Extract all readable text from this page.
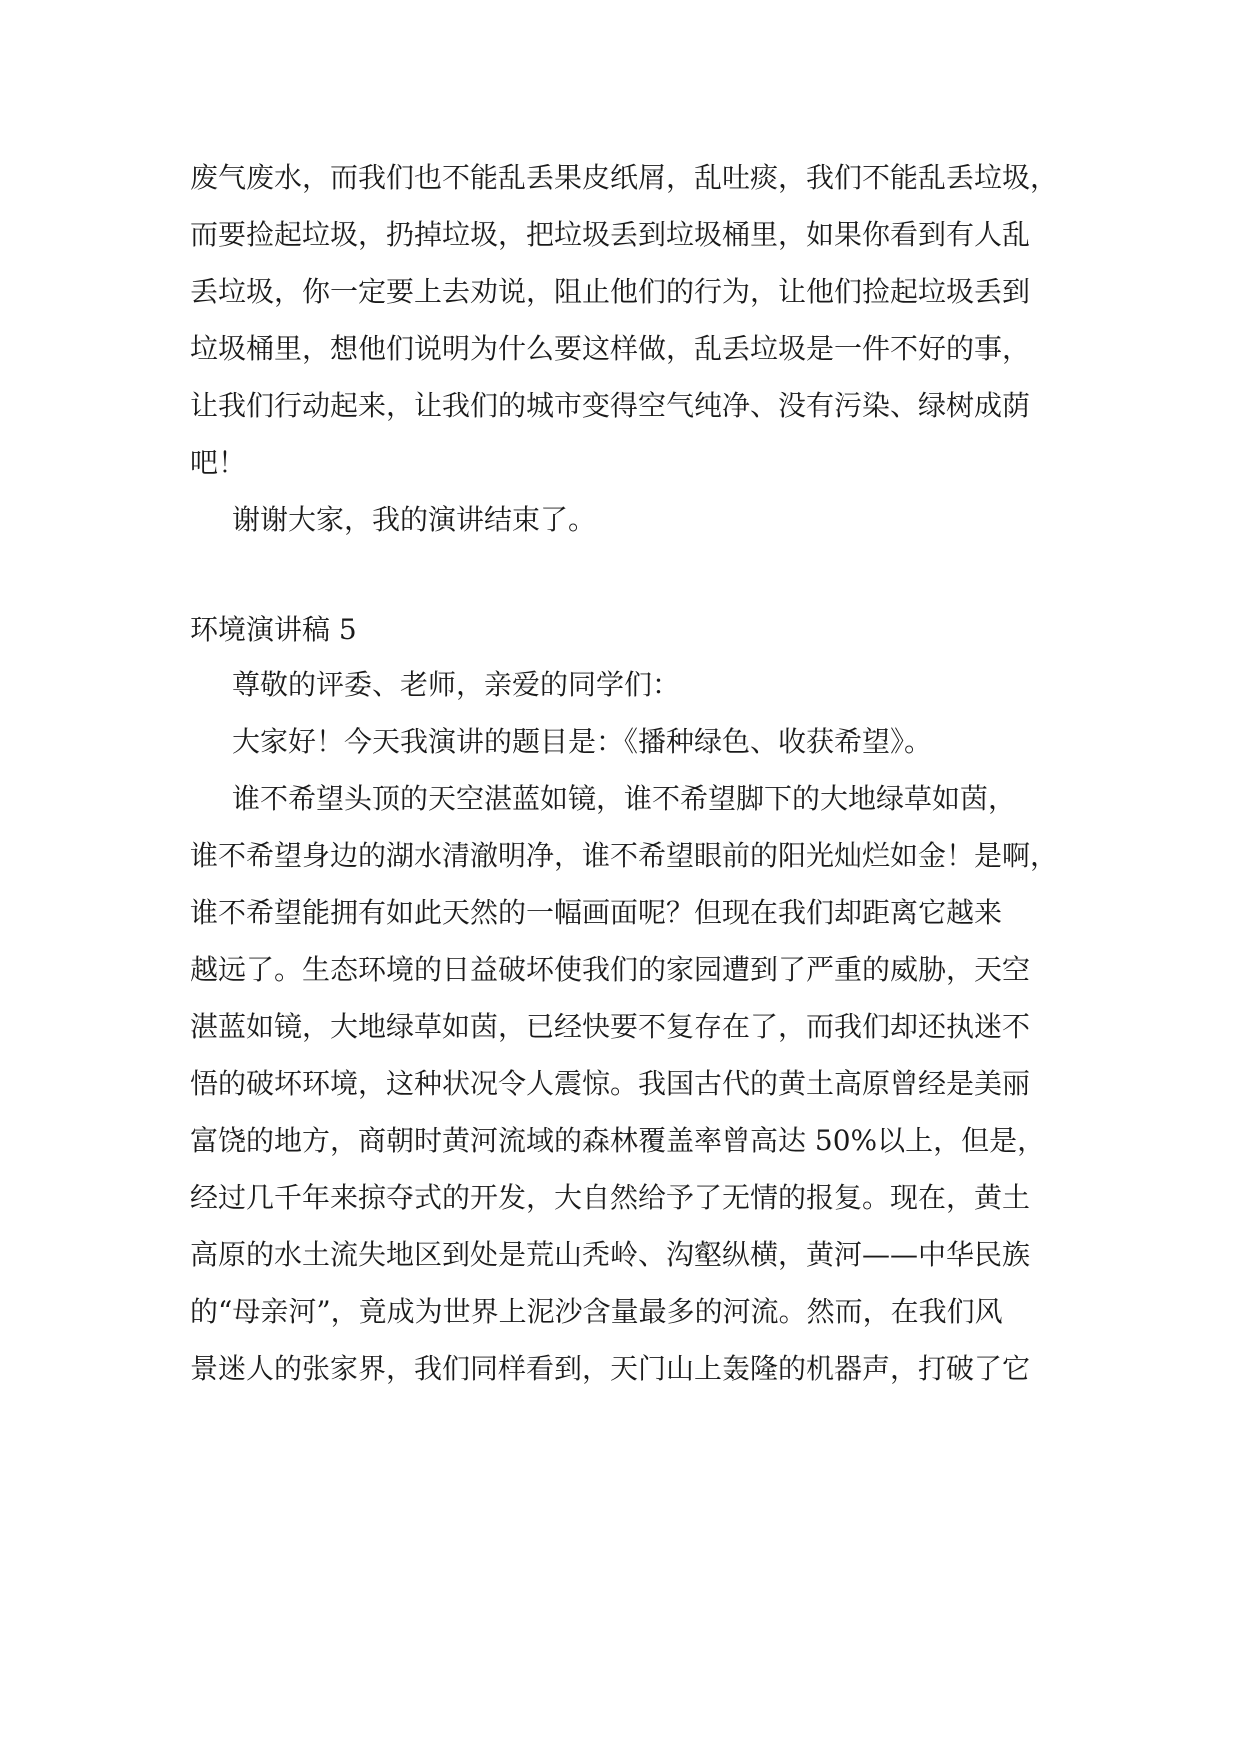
废气废水，而我们也不能乱丢果皮纸屑，乱吐痰，我们不能乱丢垃圾，
而要捡起垃圾，扔掉垃圾，把垃圾丢到垃圾桶里，如果你看到有人乱
丢垃圾，你一定要上去劝说，阻止他们的行为，让他们捡起垃圾丢到
垃圾桶里，想他们说明为什么要这样做，乱丢垃圾是一件不好的事，
让我们行动起来，让我们的城市变得空气纯净、没有污染、绿树成荫
吧！
谢谢大家，我的演讲结束了。
环境演讲稿 5
尊敬的评委、老师，亲爱的同学们：
大家好！今天我演讲的题目是：《播种绿色、收获希望》。
谁不希望头顶的天空湛蓝如镜，谁不希望脚下的大地绿草如茵，
谁不希望身边的湖水清澈明净，谁不希望眼前的阳光灿烂如金！是啊，
谁不希望能拥有如此天然的一幅画面呢？但现在我们却距离它越来
越远了。生态环境的日益破坏使我们的家园遭到了严重的威胁，天空
湛蓝如镜，大地绿草如茵，已经快要不复存在了，而我们却还执迷不
悟的破坏环境，这种状况令人震惊。我国古代的黄土高原曾经是美丽
富饶的地方，商朝时黄河流域的森林覆盖率曾高达 50%以上，但是，
经过几千年来掠夺式的开发，大自然给予了无情的报复。现在，黄土
高原的水土流失地区到处是荒山秃岭、沟壑纵横，黄河——中华民族
的“母亲河”，竟成为世界上泥沙含量最多的河流。然而，在我们风
景迷人的张家界，我们同样看到，天门山上轰隆的机器声，打破了它
